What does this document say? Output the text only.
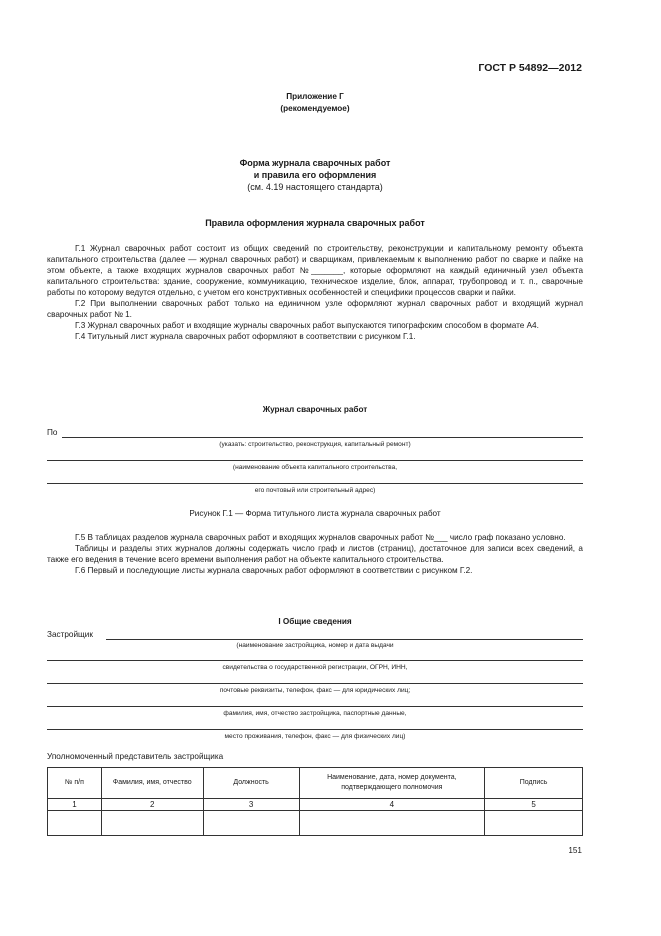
ГОСТ Р 54892—2012
Приложение Г
(рекомендуемое)
Форма журнала сварочных работ
и правила его оформления
(см. 4.19 настоящего стандарта)
Правила оформления журнала сварочных работ

Г.1 Журнал сварочных работ состоит из общих сведений по строительству, реконструкции и капитальному ремонту объекта капитального строительства (далее — журнал сварочных работ) и сварщикам, привлекаемым к выполнению работ по сварке и пайке на этом объекте, а также входящих журналов сварочных работ №_______, которые оформляют на каждый единичный узел объекта капитального строительства: здание, сооружение, коммуникацию, техническое изделие, блок, аппарат, трубопровод и т. п., сварочные работы по которому ведутся отдельно, с учетом его конструктивных особенностей и специфики процессов сварки и пайки.

Г.2 При выполнении сварочных работ только на единичном узле оформляют журнал сварочных работ и входящий журнал сварочных работ № 1.

Г.3 Журнал сварочных работ и входящие журналы сварочных работ выпускаются типографским способом в формате А4.

Г.4 Титульный лист журнала сварочных работ оформляют в соответствии с рисунком Г.1.

Журнал сварочных работ
По
(указать: строительство, реконструкция, капитальный ремонт)
(наименование объекта капитального строительства,
его почтовый или строительный адрес)
Рисунок Г.1 — Форма титульного листа журнала сварочных работ

Г.5 В таблицах разделов журнала сварочных работ и входящих журналов сварочных работ №___ число граф показано условно.

Таблицы и разделы этих журналов должны содержать число граф и листов (страниц), достаточное для записи всех сведений, а также его ведения в течение всего времени выполнения работ на объекте капитального строительства.

Г.6 Первый и последующие листы журнала сварочных работ оформляют в соответствии с рисунком Г.2.

I Общие сведения
Застройщик
(наименование застройщика, номер и дата выдачи
свидетельства о государственной регистрации, ОГРН, ИНН,
почтовые реквизиты, телефон, факс — для юридических лиц;
фамилия, имя, отчество застройщика, паспортные данные,
место проживания, телефон, факс — для физических лиц)
Уполномоченный представитель застройщика
№ п/п	Фамилия, имя, отчество	Должность	Наименование, дата, номер документа, подтверждающего полномочия	Подпись
1	2	3	4	5

151
